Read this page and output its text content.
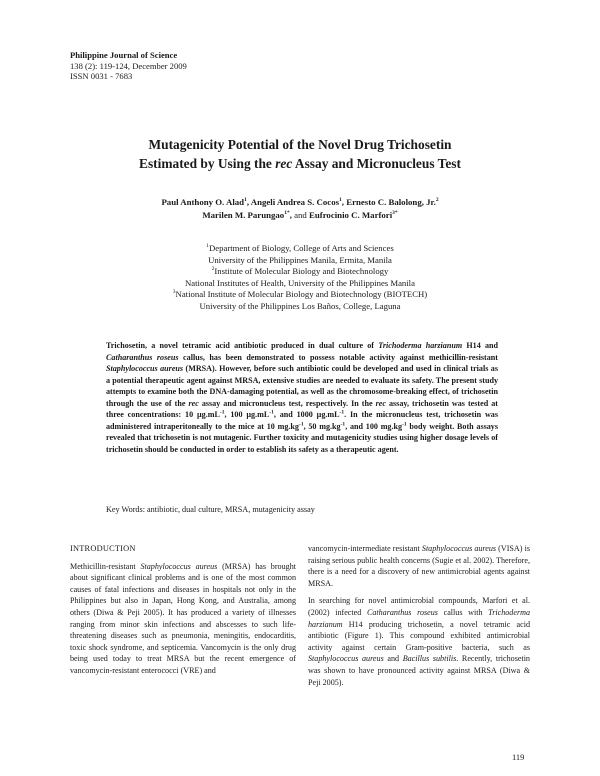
Philippine Journal of Science
138 (2): 119-124, December 2009
ISSN 0031 - 7683
Mutagenicity Potential of the Novel Drug Trichosetin
Estimated by Using the rec Assay and Micronucleus Test
Paul Anthony O. Alad$^1$, Angeli Andrea S. Cocos$^1$, Ernesto C. Balolong, Jr.$^2$
Marilen M. Parungao$^{1*}$, and Eufrocinio C. Marfori$^{3*}$
$^1$Department of Biology, College of Arts and Sciences
University of the Philippines Manila, Ermita, Manila
$^2$Institute of Molecular Biology and Biotechnology
National Institutes of Health, University of the Philippines Manila
$^3$National Institute of Molecular Biology and Biotechnology (BIOTECH)
University of the Philippines Los Baños, College, Laguna
Trichosetin, a novel tetramic acid antibiotic produced in dual culture of Trichoderma harzianum H14 and Catharanthus roseus callus, has been demonstrated to possess notable activity against methicillin-resistant Staphylococcus aureus (MRSA). However, before such antibiotic could be developed and used in clinical trials as a potential therapeutic agent against MRSA, extensive studies are needed to evaluate its safety. The present study attempts to examine both the DNA-damaging potential, as well as the chromosome-breaking effect, of trichosetin through the use of the rec assay and micronucleus test, respectively. In the rec assay, trichosetin was tested at three concentrations: 10 $\mu g.mL^{-1}$, 100 $\mu g.mL^{-1}$, and 1000 $\mu g.mL^{-1}$. In the micronucleus test, trichosetin was administered intraperitoneally to the mice at 10 $mg.kg^{-1}$, 50 $mg.kg^{-1}$, and 100 $mg.kg^{-1}$ body weight. Both assays revealed that trichosetin is not mutagenic. Further toxicity and mutagenicity studies using higher dosage levels of trichosetin should be conducted in order to establish its safety as a therapeutic agent.
Key Words: antibiotic, dual culture, MRSA, mutagenicity assay
INTRODUCTION

Methicillin-resistant Staphylococcus aureus (MRSA) has brought about significant clinical problems and is one of the most common causes of fatal infections and diseases in hospitals not only in the Philippines but also in Japan, Hong Kong, and Australia, among others (Diwa & Peji 2005). It has produced a variety of illnesses ranging from minor skin infections and abscesses to such life-threatening diseases such as pneumonia, meningitis, endocarditis, toxic shock syndrome, and septicemia. Vancomycin is the only drug being used today to treat MRSA but the recent emergence of vancomycin-resistant enterococci (VRE) and

vancomycin-intermediate resistant Staphylococcus aureus (VISA) is raising serious public health concerns (Sugie et al. 2002). Therefore, there is a need for a discovery of new antimicrobial agents against MRSA.

In searching for novel antimicrobial compounds, Marfori et al. (2002) infected Catharanthus roseus callus with Trichoderma harzianum H14 producing trichosetin, a novel tetramic acid antibiotic (Figure 1). This compound exhibited antimicrobial activity against certain Gram-positive bacteria, such as Staphylococcus aureus and Bacillus subtilis. Recently, trichosetin was shown to have pronounced activity against MRSA (Diwa & Peji 2005).

119
